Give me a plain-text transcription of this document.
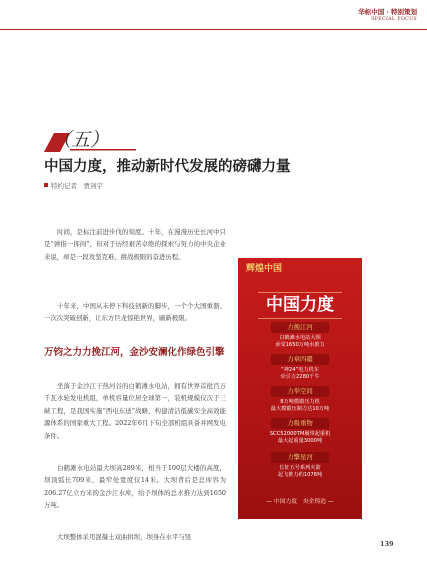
华标中国 · 特别策划
SPECIAL FOCUS
（五）
中国力度，推动新时代发展的磅礴力量
特约记者　贾剑宇
时间，是标注前进步伐的刻度。十年，在漫漫历史长河中只是“弹指一挥间”，但对于历经艰苦卓绝的探索与努力的中央企业来说，却是一段攻坚克难、挑战极限的奋进历程。
十年来，中国从未停下科技创新的脚步，一个个大国重器、一次次突破创新，让东方巨龙惊艳世界，刷新极限。
万钧之力力挽江河，金沙安澜化作绿色引擎
坐落于金沙江干热河谷的白鹤滩水电站，拥有世界首批百万千瓦水轮发电机组，单机容量位居全球第一，装机规模仅次于三峡工程，是我国实施“西电东送”战略、构建清洁低碳安全高效能源体系的国家重大工程。2022年6月下旬全部机组具备并网发电条件。
白鹤滩水电站最大坝高289米，相当于100层大楼的高度，坝顶弧长709米，最窄处宽度仅14米。大坝背后是总库容为206.27亿立方米的金沙江水库，给予坝体的总水推力达到1650万吨。
大坝整体采用混凝土双曲拱坝，坝身在水平与竖
辉煌中国
中国力度
力挽江河
白鹤滩水电站大坝
承受1650万吨水推力
力章四疆
“神24”电力机车
牵引力2280千牛
力举空间
8万吨模锻压力机
最大模锻压制力达10万吨
力吸重物
SCC52000TM履带起重机
最大起重量3000吨
力擎星河
长征五号系列火箭
起飞推力约1078吨
— 中国力度　央企铸造 —
139
